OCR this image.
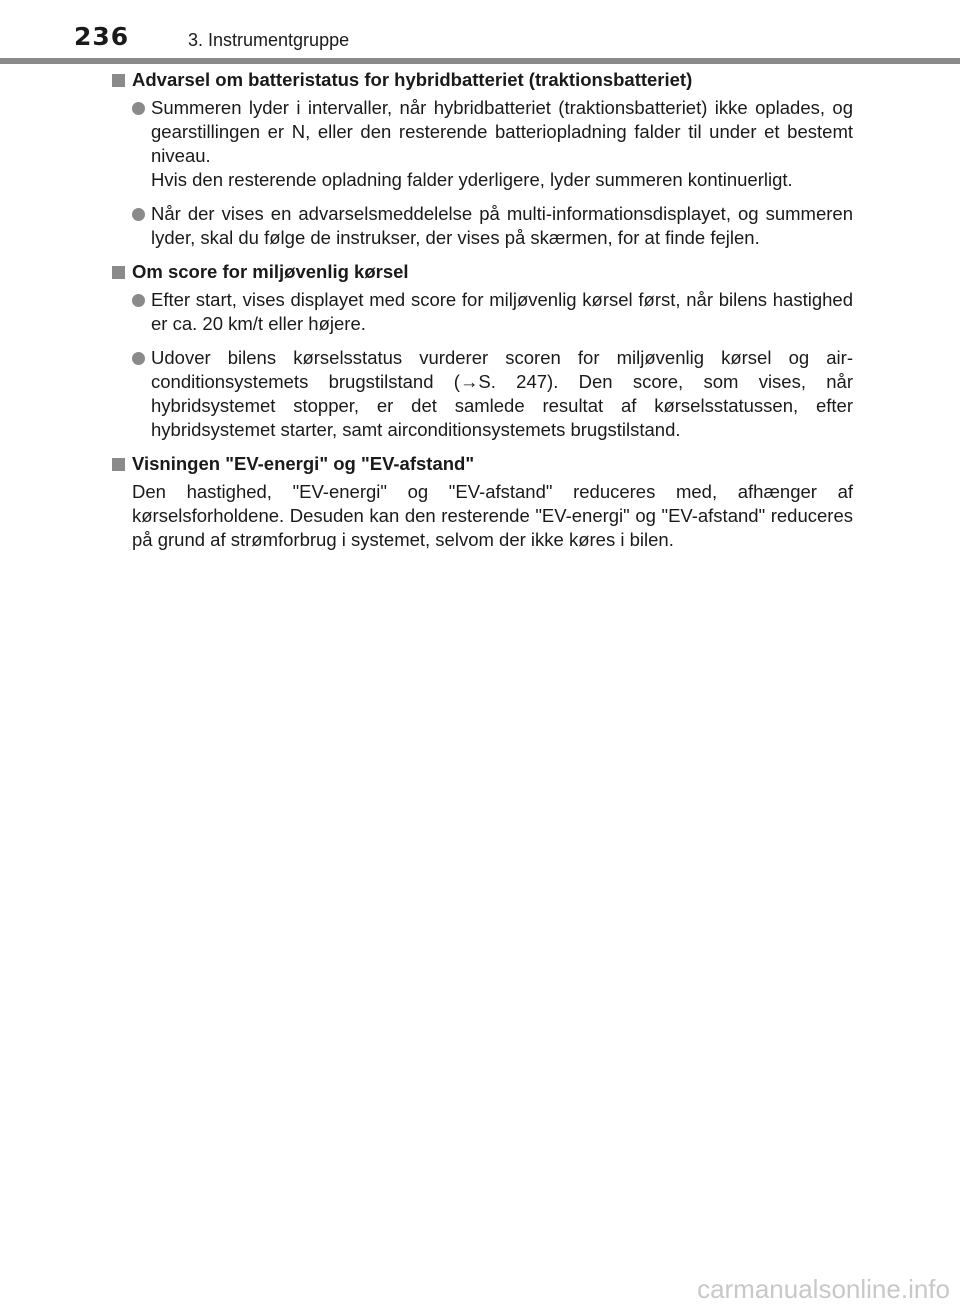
236	3. Instrumentgruppe
Advarsel om batteristatus for hybridbatteriet (traktionsbatteriet)

Summeren lyder i intervaller, når hybridbatteriet (traktionsbatteriet) ikke oplades, og gearstillingen er N, eller den resterende batteriopladning falder til under et bestemt niveau.

Hvis den resterende opladning falder yderligere, lyder summeren kontinuerligt.

Når der vises en advarselsmeddelelse på multi-informationsdisplayet, og summeren lyder, skal du følge de instrukser, der vises på skærmen, for at finde fejlen.

Om score for miljøvenlig kørsel

Efter start, vises displayet med score for miljøvenlig kørsel først, når bilens hastighed er ca. 20 km/t eller højere.

Udover bilens kørselsstatus vurderer scoren for miljøvenlig kørsel og airconditionsystemets brugstilstand (→S. 247). Den score, som vises, når hybridsystemet stopper, er det samlede resultat af kørselsstatussen, efter hybridsystemet starter, samt airconditionsystemets brugstilstand.

Visningen "EV-energi" og "EV-afstand"

Den hastighed, "EV-energi" og "EV-afstand" reduceres med, afhænger af kørselsforholdene. Desuden kan den resterende "EV-energi" og "EV-afstand" reduceres på grund af strømforbrug i systemet, selvom der ikke køres i bilen.

carmanualsonline.info
